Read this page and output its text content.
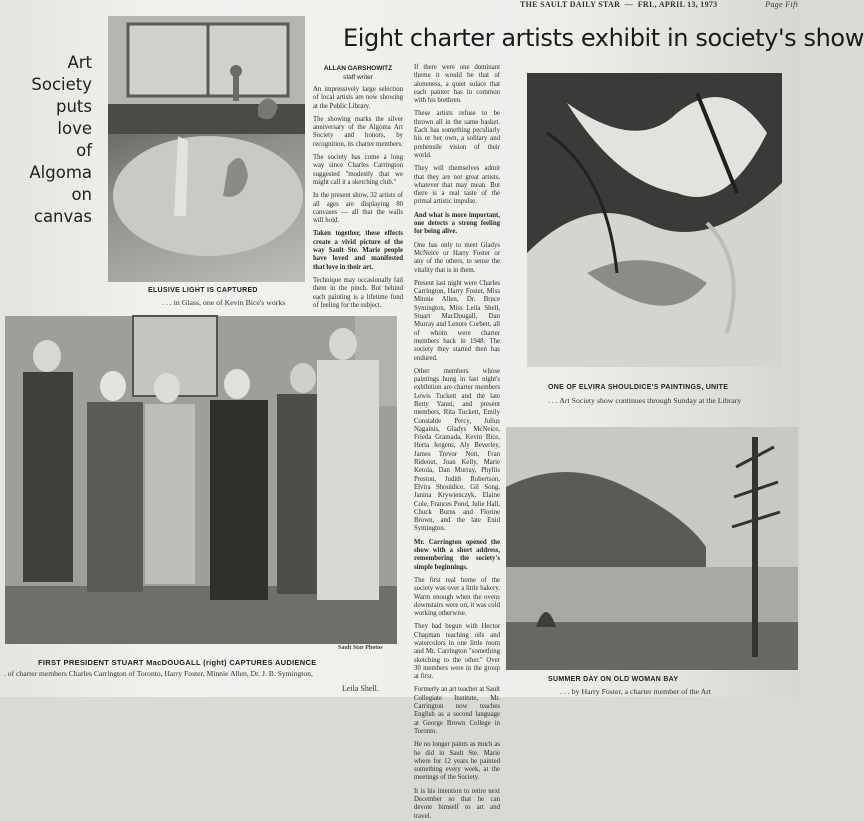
THE SAULT DAILY STAR  —  FRI., APRIL 13, 1973	Page Fift
Eight charter artists exhibit in society's show
Art
Society
puts
love
of
Algoma
on
canvas
ELUSIVE LIGHT IS CAPTURED
. . . in Glass, one of Kevin Bice's works
ALLAN GARSHOWITZ
staff writer

An impressively large selection of local artists are now showing at the Public Library.

The showing marks the silver anniversary of the Algoma Art Society and honors, by recognition, its charter members.

The society has come a long way since Charles Carrington suggested "modestly that we might call it a sketching club."

In the present show, 32 artists of all ages are displaying 80 canvases — all that the walls will hold.

Taken together, these effects create a vivid picture of the way Sault Ste. Marie people have loved and manifested that love in their art.

Technique may occasionally fail them in the pinch. But behind each painting is a lifetime fund of feeling for the subject.

If there were one dominant theme it would be that of aloneness, a quiet solace that each painter has in common with his brethren.

These artists refuse to be thrown all in the same basket. Each has something peculiarly his or her own, a solitary and prehensile vision of their world.

They will themselves admit that they are not great artists, whatever that may mean. But there is a real taste of the primal artistic impulse.

And what is more important, one detects a strong feeling for being alive.

One has only to meet Gladys McNeice or Harry Foster or any of the others, to sense the vitality that is in them.

Present last night were Charles Carrington, Harry Foster, Miss Minnie Allen, Dr. Bruce Symington, Miss Leila Shell, Stuart MacDougall, Dan Murray and Lenore Corbett, all of whom were charter members back in 1948. The society they started then has endured.

Other members whose paintings hung in last night's exhibition are charter members Lewis Tuckett and the late Betty Yanni, and present members, Rita Tuckett, Emily Constable Percy, Julius Nagainis, Gladys McNeice, Frieda Gramada, Kevin Bice, Herta Jergens, Aly Beverley, James Trevor Nott, Fran Rideout, Joan Kelly, Marie Ketola, Dan Murray, Phyllis Preston, Judith Robertson, Elvira Shouldice, Gil Song, Janina Krywienczyk, Elaine Cole, Frances Pond, Julie Hall, Chuck Burns and Florine Brown, and the late Enid Symington.

Mr. Carrington opened the show with a short address, remembering the society's simple beginnings.

The first real home of the society was over a little bakery. Warm enough when the ovens downstairs were on, it was cold working otherwise.

They had begun with Hector Chapman teaching oils and watercolors in one little room and Mr. Carrington "something sketching to the other." Over 30 members were in the group at first.

Formerly an art teacher at Sault Collegiate Institute, Mr. Carrington now teaches English as a second language at George Brown College in Toronto.

He no longer paints as much as he did in Sault Ste. Marie where for 12 years he painted something every week, at the meetings of the Society.

It is his intention to retire next December so that he can devote himself to art and travel.

Sault Star Photos
FIRST PRESIDENT STUART MacDOUGALL (right) CAPTURES AUDIENCE
. of charter members Charles Carrington of Toronto, Harry Foster, Minnie Allen, Dr. J. B. Symington,
Leila Shell.
ONE OF ELVIRA SHOULDICE'S PAINTINGS, UNITE
. . . Art Society show continues through Sunday at the Library
SUMMER DAY ON OLD WOMAN BAY
. . . by Harry Foster, a charter member of the Art
